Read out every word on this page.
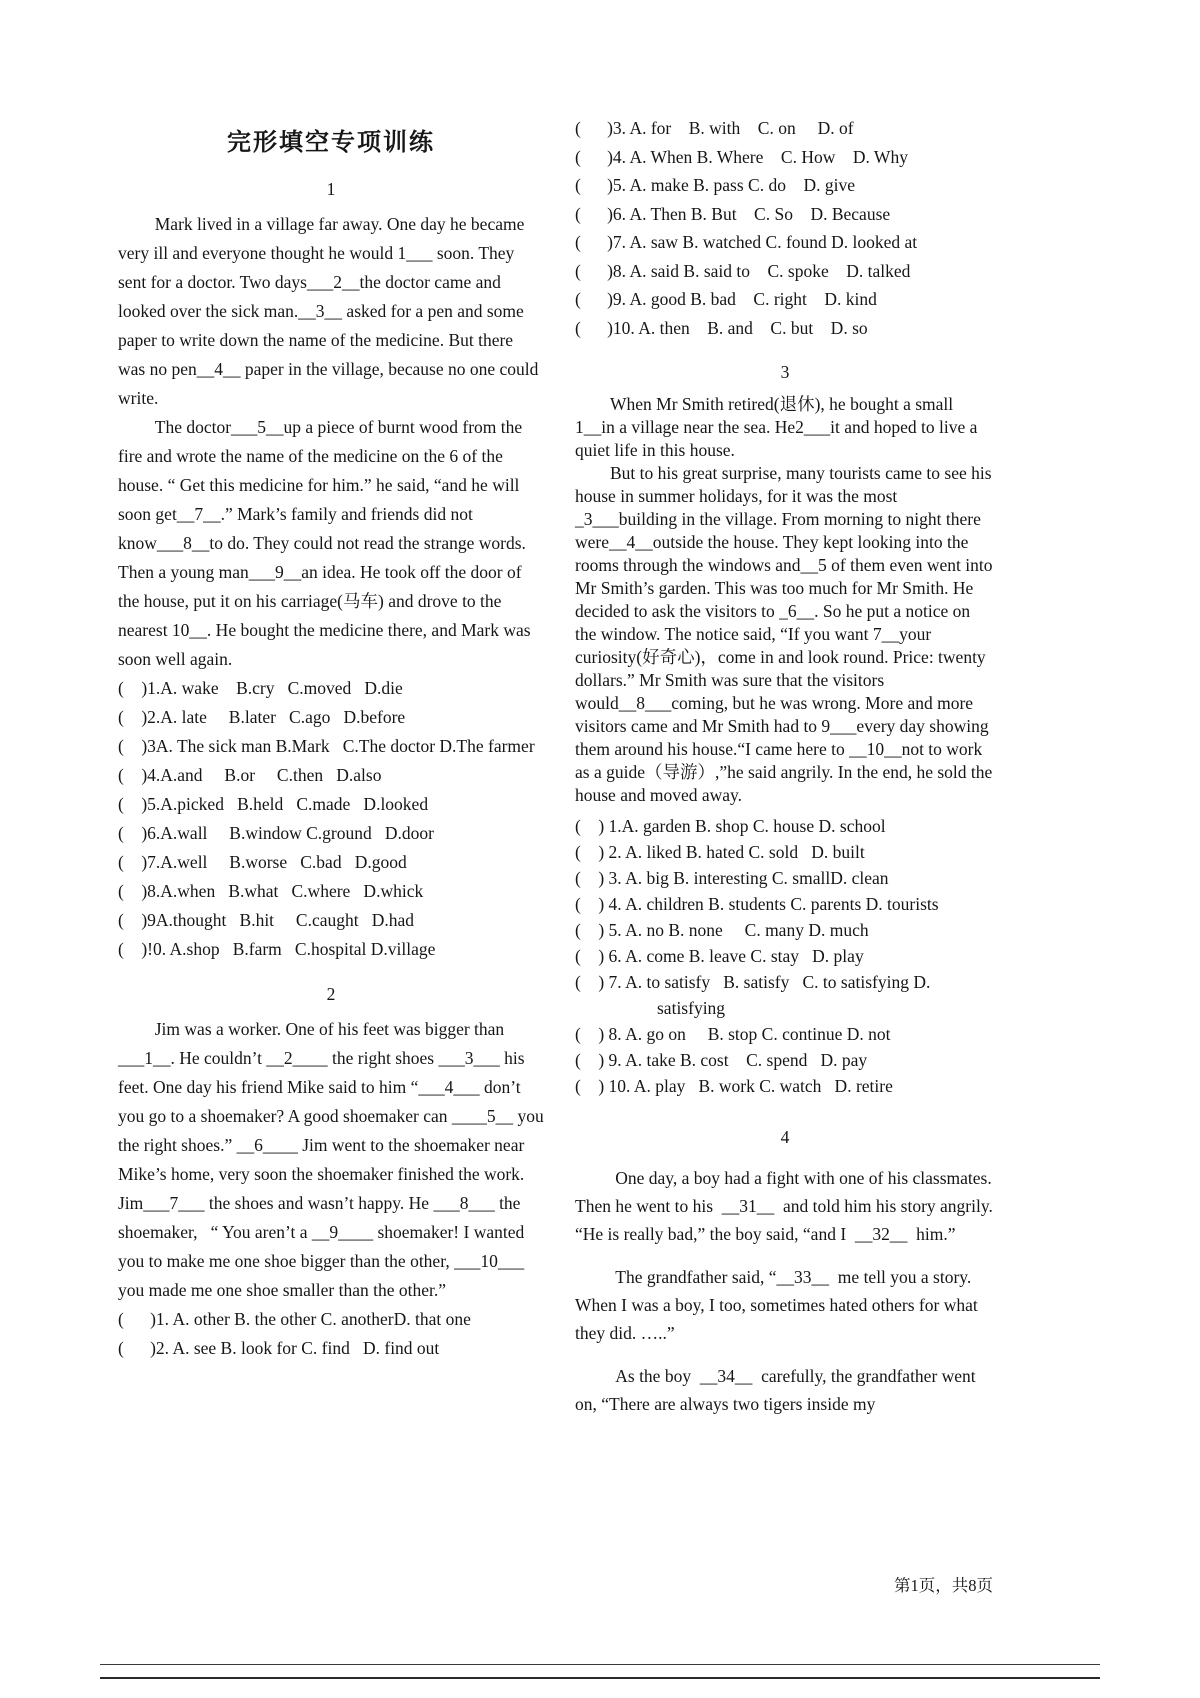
完形填空专项训练
1

Mark lived in a village far away. One day he became very ill and everyone thought he would 1___ soon. They sent for a doctor. Two days___2__the doctor came and looked over the sick man.__3__ asked for a pen and some paper to write down the name of the medicine. But there was no pen__4__ paper in the village, because no one could write.

The doctor___5__up a piece of burnt wood from the fire and wrote the name of the medicine on the 6 of the house. “ Get this medicine for him.” he said, “and he will soon get__7__.” Mark’s family and friends did not know___8__to do. They could not read the strange words. Then a young man___9__an idea. He took off the door of the house, put it on his carriage(马车) and drove to the nearest 10__. He bought the medicine there, and Mark was soon well again.

(    )1.A. wake    B.cry   C.moved   D.die
(    )2.A. late     B.later   C.ago   D.before
(    )3A. The sick man B.Mark   C.The doctor D.The farmer
(    )4.A.and     B.or     C.then   D.also
(    )5.A.picked   B.held   C.made   D.looked
(    )6.A.wall     B.window C.ground   D.door
(    )7.A.well     B.worse   C.bad   D.good
(    )8.A.when   B.what   C.where   D.whick
(    )9A.thought   B.hit     C.caught   D.had
(    )!0. A.shop   B.farm   C.hospital D.village
2

Jim was a worker. One of his feet was bigger than ___1__. He couldn’t __2____ the right shoes ___3___ his feet. One day his friend Mike said to him “___4___ don’t you go to a shoemaker? A good shoemaker can ____5__ you the right shoes.” __6____ Jim went to the shoemaker near Mike’s home, very soon the shoemaker finished the work. Jim___7___ the shoes and wasn’t happy. He ___8___ the shoemaker,   “ You aren’t a __9____ shoemaker! I wanted you to make me one shoe bigger than the other, ___10___ you made me one shoe smaller than the other.”

(      )1. A. other B. the other C. anotherD. that one
(      )2. A. see B. look for C. find   D. find out
(      )3. A. for    B. with    C. on     D. of
(      )4. A. When B. Where    C. How    D. Why
(      )5. A. make B. pass C. do    D. give
(      )6. A. Then B. But    C. So    D. Because
(      )7. A. saw B. watched C. found D. looked at
(      )8. A. said B. said to    C. spoke    D. talked
(      )9. A. good B. bad    C. right    D. kind
(      )10. A. then    B. and    C. but    D. so
3

When Mr Smith retired(退休), he bought a small 1__in a village near the sea. He2___it and hoped to live a quiet life in this house.

But to his great surprise, many tourists came to see his house in summer holidays, for it was the most _3___building in the village. From morning to night there were__4__outside the house. They kept looking into the rooms through the windows and__5 of them even went into Mr Smith’s garden. This was too much for Mr Smith. He decided to ask the visitors to _6__. So he put a notice on the window. The notice said, “If you want 7__your curiosity(好奇心)，come in and look round. Price: twenty dollars.” Mr Smith was sure that the visitors would__8___coming, but he was wrong. More and more visitors came and Mr Smith had to 9___every day showing them around his house.“I came here to __10__not to work as a guide（导游）,”he said angrily. In the end, he sold the house and moved away.

(    ) 1.A. garden B. shop C. house D. school
(    ) 2. A. liked B. hated C. sold   D. built
(    ) 3. A. big B. interesting C. smallD. clean
(    ) 4. A. children B. students C. parents D. tourists
(    ) 5. A. no B. none     C. many D. much
(    ) 6. A. come B. leave C. stay   D. play
(    ) 7. A. to satisfy   B. satisfy   C. to satisfying D. satisfying
(    ) 8. A. go on     B. stop C. continue D. not
(    ) 9. A. take B. cost    C. spend   D. pay
(    ) 10. A. play   B. work C. watch   D. retire
4

One day, a boy had a fight with one of his classmates. Then he went to his  __31__  and told him his story angrily. “He is really bad,” the boy said, “and I  __32__  him.”

The grandfather said, “__33__  me tell you a story. When I was a boy, I too, sometimes hated others for what they did. …..”

As the boy  __34__  carefully, the grandfather went on, “There are always two tigers inside my

第1页，共8页
